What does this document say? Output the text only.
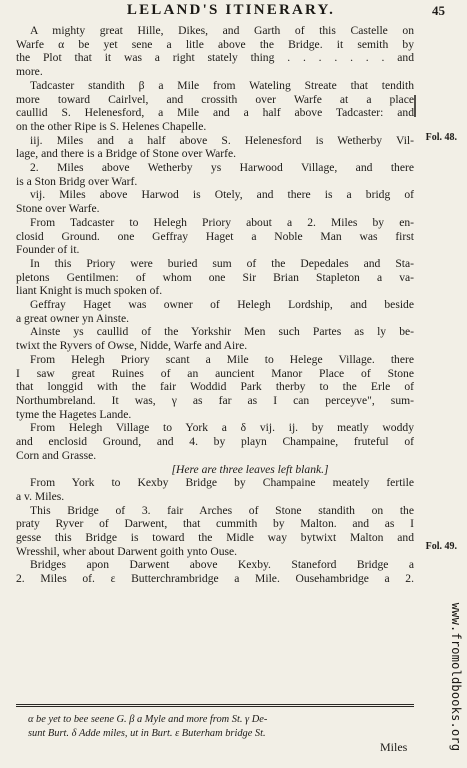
LELAND'S ITINERARY.	45
A mighty great Hille, Dikes, and Garth of this Castelle on
Warfe α be yet sene a litle above the Bridge. it semith by
the Plot that it was a right stately thing . . . . . . . and
more.
Tadcaster standith β a Mile from Wateling Streate that tendith
more toward Cairlvel, and crossith over Warfe at a place
caullid S. Helenesford, a Mile and a half above Tadcaster: and
on the other Ripe is S. Helenes Chapelle.
iij. Miles and a half above S. Helenesford is Wetherby Vil-
lage, and there is a Bridge of Stone over Warfe.
2. Miles above Wetherby ys Harwood Village, and there
is a Ston Bridg over Warf.
vij. Miles above Harwod is Otely, and there is a bridg of
Stone over Warfe.
From Tadcaster to Helegh Priory about a 2. Miles by en-
closid Ground. one Geffray Haget a Noble Man was first
Founder of it.
In this Priory were buried sum of the Depedales and Sta-
pletons Gentilmen: of whom one Sir Brian Stapleton a va-
liant Knight is much spoken of.
Geffray Haget was owner of Helegh Lordship, and beside
a great owner yn Ainste.
Ainste ys caullid of the Yorkshir Men such Partes as ly be-
twixt the Ryvers of Owse, Nidde, Warfe and Aire.
From Helegh Priory scant a Mile to Helege Village. there
I saw great Ruines of an auncient Manor Place of Stone
that longgid with the fair Woddid Park therby to the Erle of
Northumbreland. It was, γ as far as I can perceyve", sum-
tyme the Hagetes Lande.
From Helegh Village to York a δ vij. ij. by meatly woddy
and enclosid Ground, and 4. by playn Champaine, fruteful of
Corn and Grasse.
[Here are three leaves left blank.]
From York to Kexby Bridge by Champaine meately fertile
a v. Miles.
This Bridge of 3. fair Arches of Stone standith on the
praty Ryver of Darwent, that cummith by Malton. and as I
gesse this Bridge is toward the Midle way bytwixt Malton and
Wresshil, wher about Darwent goith ynto Ouse.
Bridges apon Darwent above Kexby. Staneford Bridge a
2. Miles of. ε Butterchrambridge a Mile. Ousehambridge a 2.
Fol. 48.
Fol. 49.
α be yet to bee seene G. β a Myle and more from St. γ De-
sunt Burt. δ Adde miles, ut in Burt. ε Buterham bridge St.
Miles	www.fromoldbooks.org
